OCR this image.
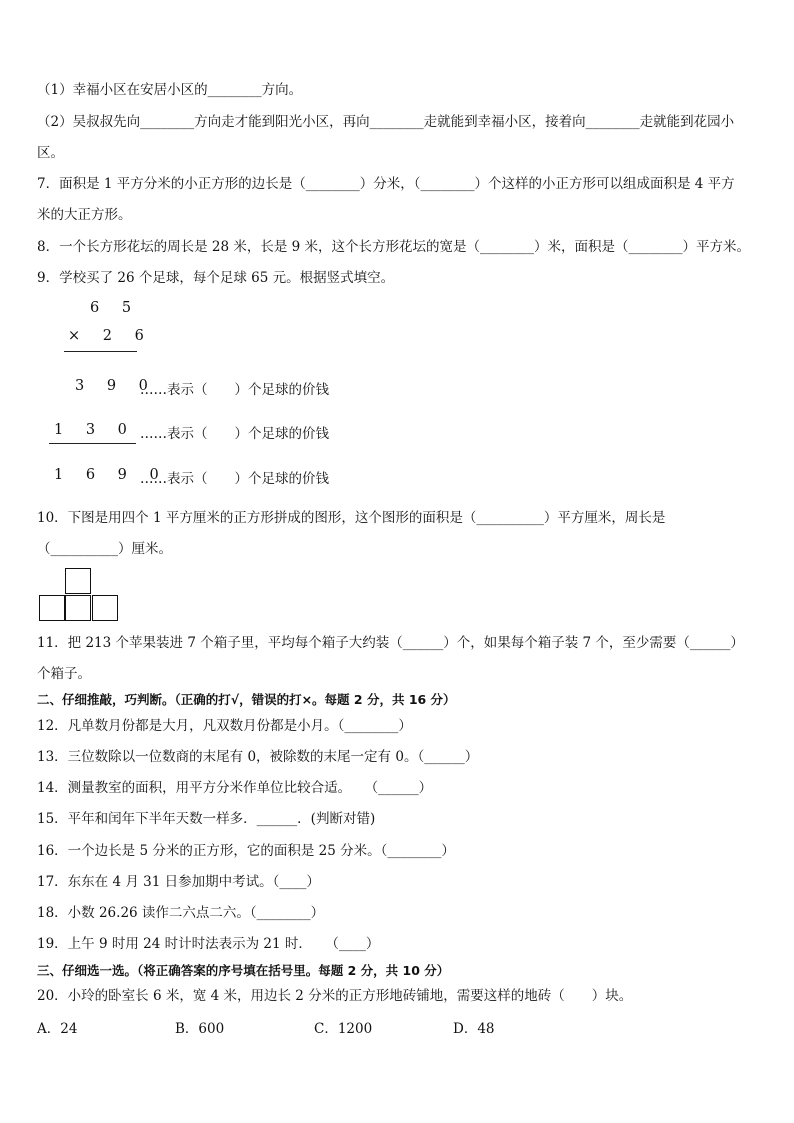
（1）幸福小区在安居小区的________方向。
（2）吴叔叔先向________方向走才能到阳光小区，再向________走就能到幸福小区，接着向________走就能到花园小
区。
7．面积是 1 平方分米的小正方形的边长是（________）分米，（________）个这样的小正方形可以组成面积是 4 平方
米的大正方形。
8．一个长方形花坛的周长是 28 米，长是 9 米，这个长方形花坛的宽是（________）米，面积是（________）平方米。
9．学校买了 26 个足球，每个足球 65 元。根据竖式填空。
6 5
× 2 6
3 9 0
……表示（　　）个足球的价钱
1 3 0 ……表示（　　）个足球的价钱
1 6 9 0
……表示（　　）个足球的价钱
10．下图是用四个 1 平方厘米的正方形拼成的图形，这个图形的面积是（__________）平方厘米，周长是
（__________）厘米。
11．把 213 个苹果装进 7 个箱子里，平均每个箱子大约装（______）个，如果每个箱子装 7 个，至少需要（______）
个箱子。
二、仔细推敲，巧判断。（正确的打√，错误的打×。每题 2 分，共 16 分）
12．凡单数月份都是大月，凡双数月份都是小月。（________）
13．三位数除以一位数商的末尾有 0，被除数的末尾一定有 0。（______）
14．测量教室的面积，用平方分米作单位比较合适。　　（______）
15．平年和闰年下半年天数一样多．______．(判断对错)
16．一个边长是 5 分米的正方形，它的面积是 25 分米。（________）
17．东东在 4 月 31 日参加期中考试。（____）
18．小数 26.26 读作二六点二六。（________）
19．上午 9 时用 24 时计时法表示为 21 时．　　（____）
三、仔细选一选。（将正确答案的序号填在括号里。每题 2 分，共 10 分）
20．小玲的卧室长 6 米，宽 4 米，用边长 2 分米的正方形地砖铺地，需要这样的地砖（　　）块。
A．24	B．600	C．1200	D．48
